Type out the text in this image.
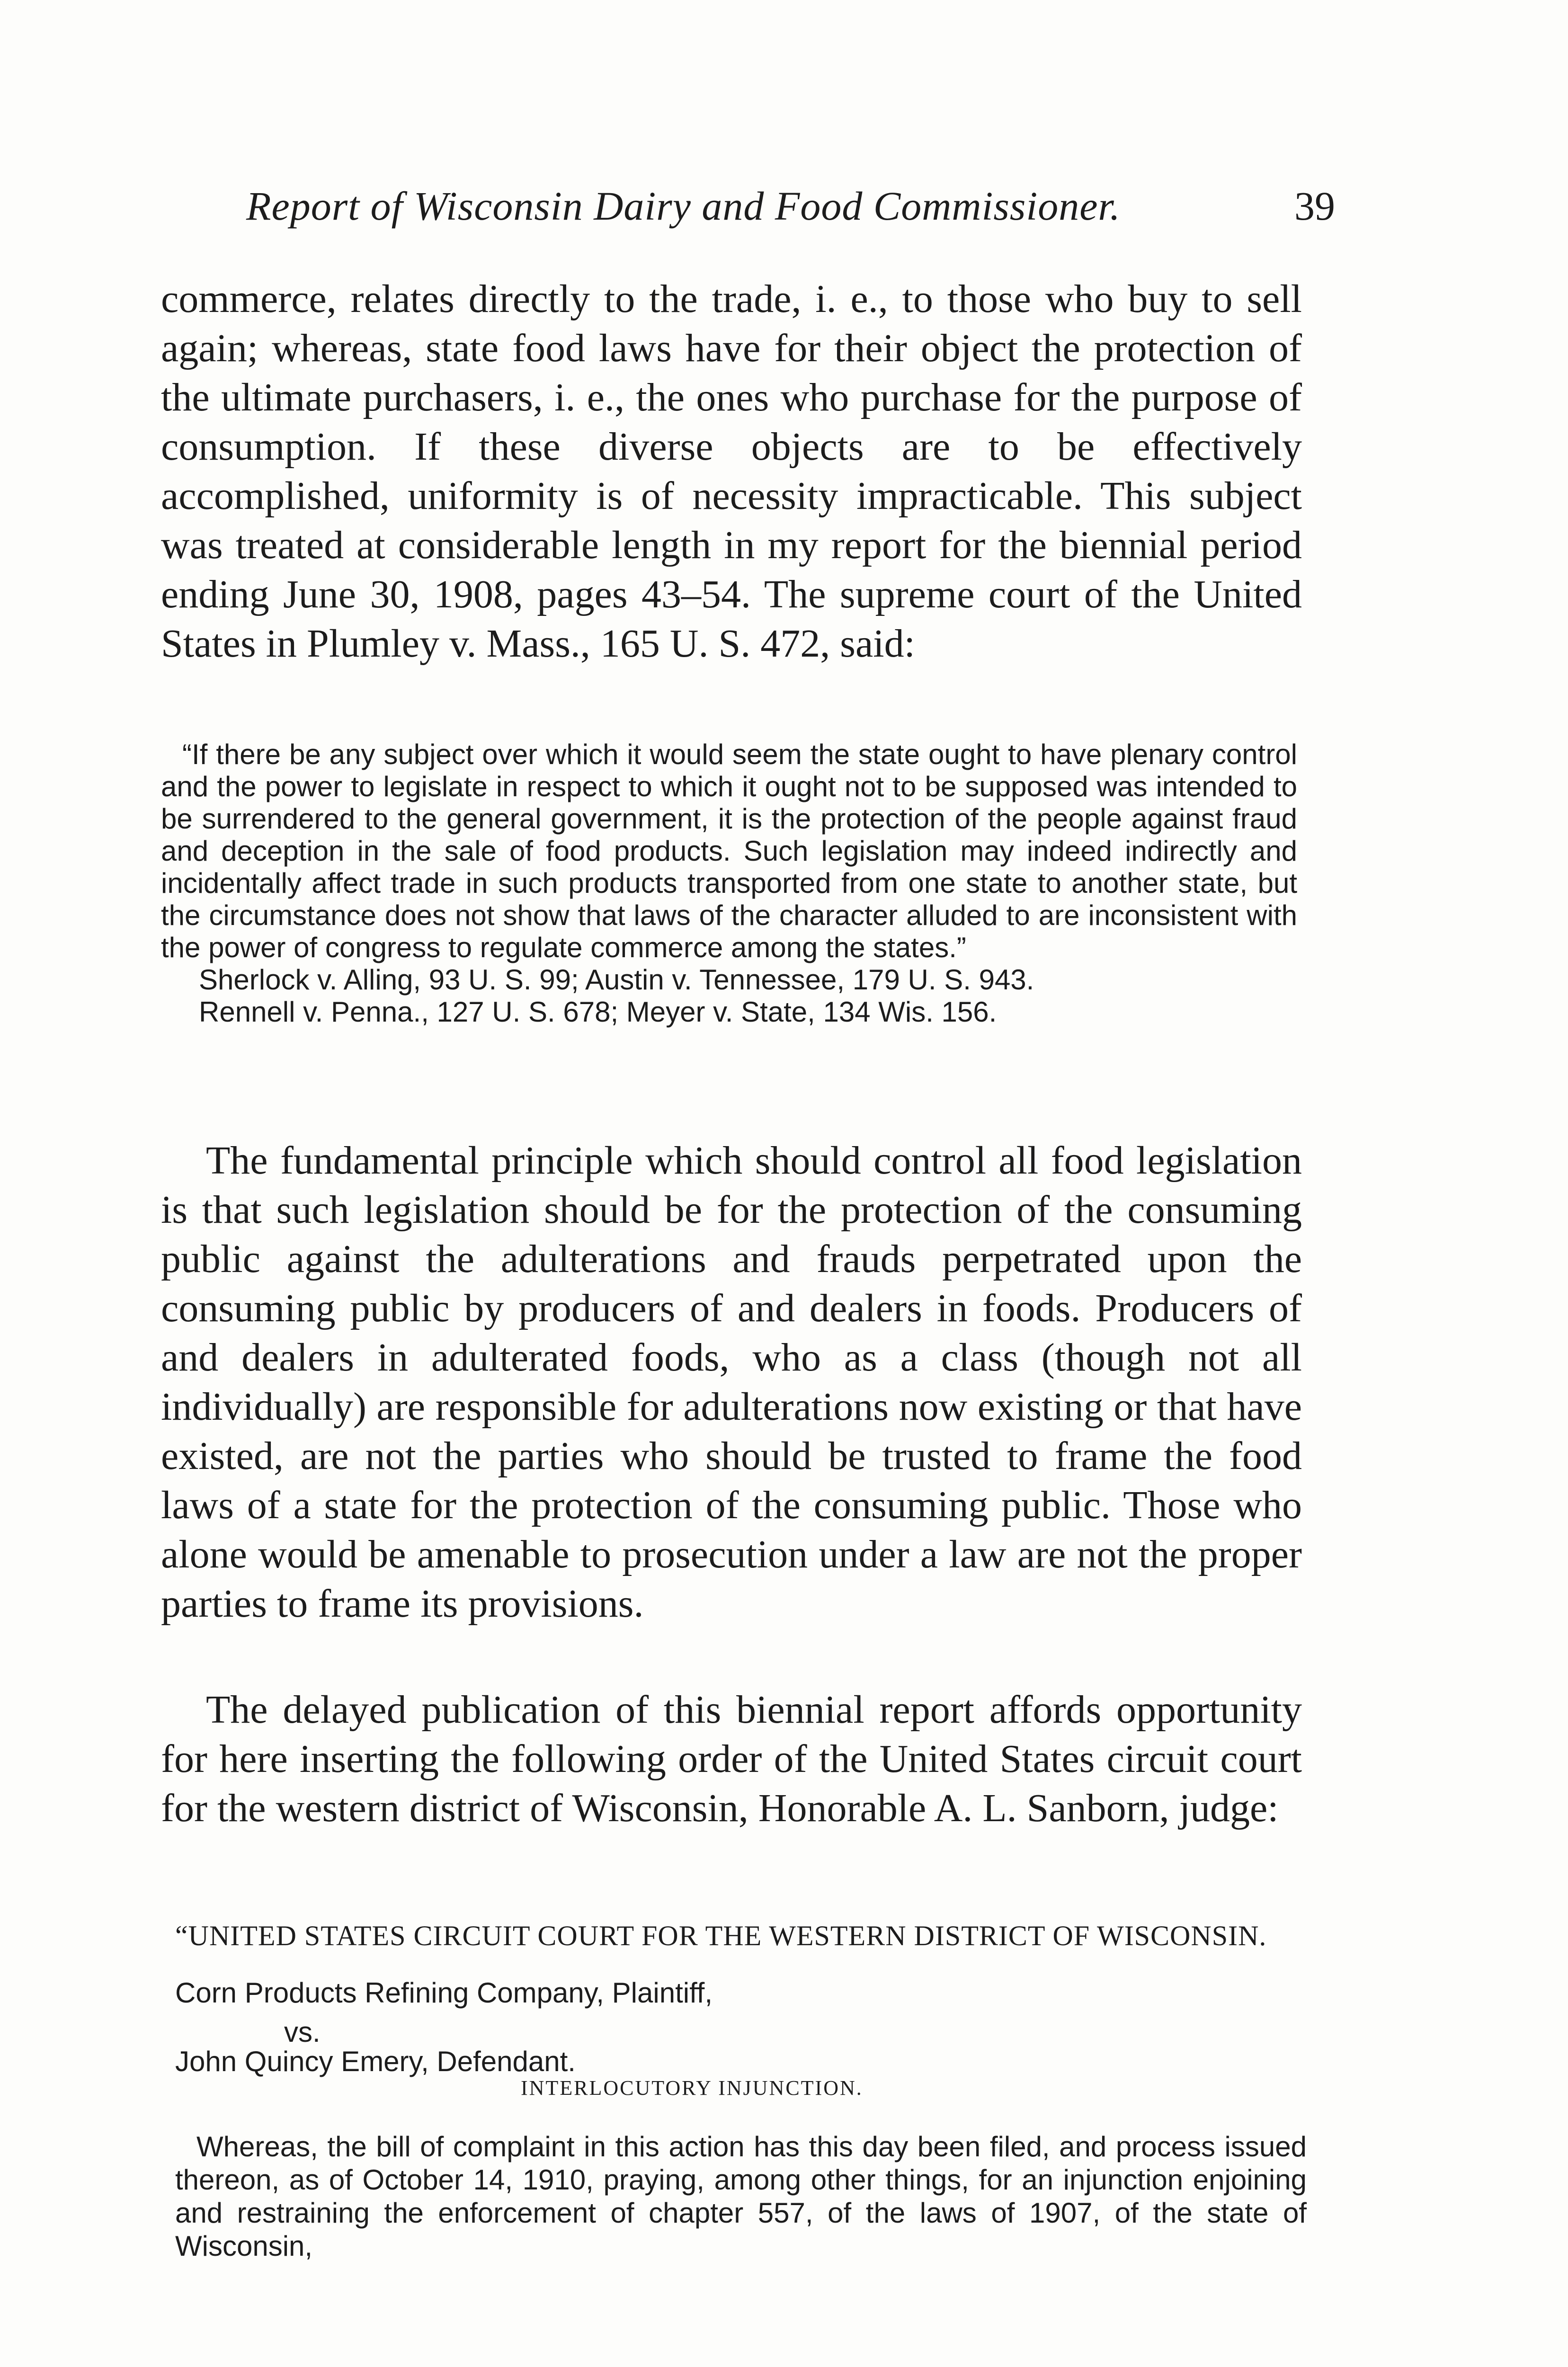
Report of Wisconsin Dairy and Food Commissioner.	39

commerce, relates directly to the trade, i. e., to those who buy to sell again; whereas, state food laws have for their object the protection of the ultimate purchasers, i. e., the ones who purchase for the purpose of consumption. If these diverse objects are to be effectively accomplished, uniformity is of necessity impracticable. This subject was treated at considerable length in my report for the biennial period ending June 30, 1908, pages 43–54. The supreme court of the United States in Plumley v. Mass., 165 U. S. 472, said:

“If there be any subject over which it would seem the state ought to have plenary control and the power to legislate in respect to which it ought not to be supposed was intended to be surrendered to the general government, it is the protection of the people against fraud and deception in the sale of food products. Such legislation may indeed indirectly and incidentally affect trade in such products transported from one state to another state, but the circumstance does not show that laws of the character alluded to are inconsistent with the power of congress to regulate commerce among the states.”

Sherlock v. Alling, 93 U. S. 99; Austin v. Tennessee, 179 U. S. 943.

Rennell v. Penna., 127 U. S. 678; Meyer v. State, 134 Wis. 156.

The fundamental principle which should control all food legislation is that such legislation should be for the protection of the consuming public against the adulterations and frauds perpetrated upon the consuming public by producers of and dealers in foods. Producers of and dealers in adulterated foods, who as a class (though not all individually) are responsible for adulterations now existing or that have existed, are not the parties who should be trusted to frame the food laws of a state for the protection of the consuming public. Those who alone would be amenable to prosecution under a law are not the proper parties to frame its provisions.

The delayed publication of this biennial report affords opportunity for here inserting the following order of the United States circuit court for the western district of Wisconsin, Honorable A. L. Sanborn, judge:

“UNITED STATES CIRCUIT COURT FOR THE WESTERN DISTRICT OF WISCONSIN.
Corn Products Refining Company, Plaintiff,
vs.
John Quincy Emery, Defendant.
INTERLOCUTORY INJUNCTION.

Whereas, the bill of complaint in this action has this day been filed, and process issued thereon, as of October 14, 1910, praying, among other things, for an injunction enjoining and restraining the enforcement of chapter 557, of the laws of 1907, of the state of Wisconsin,
